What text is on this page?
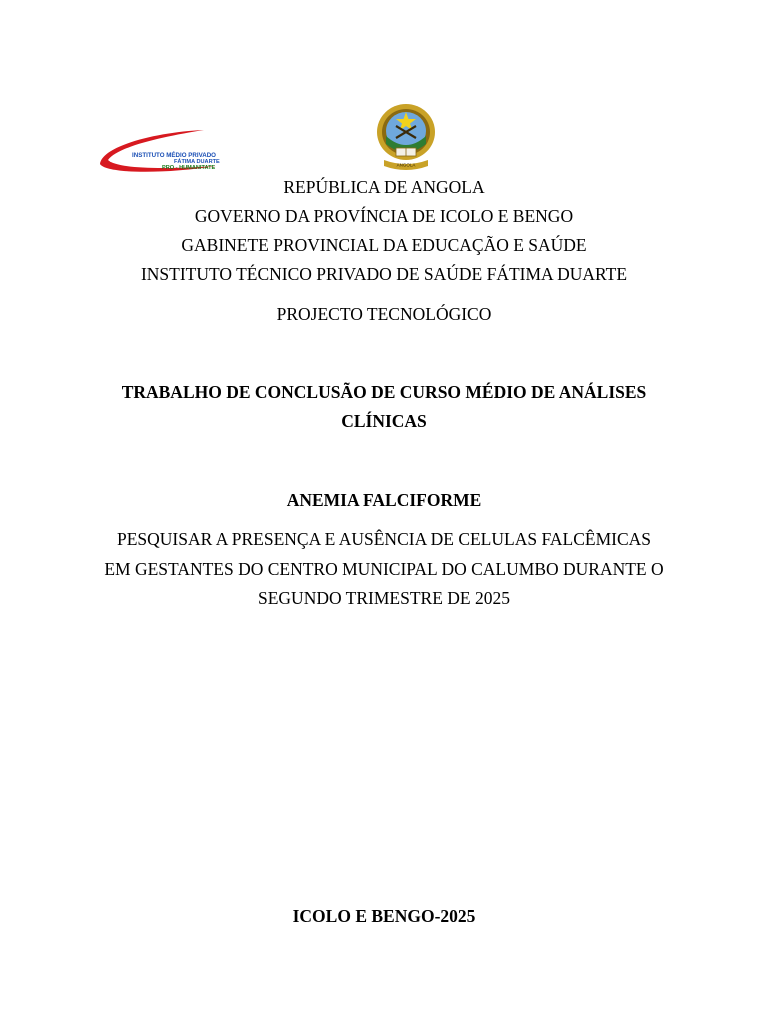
INSTITUTO MÉDIO PRIVADO
FÁTIMA DUARTE
PRO - HUMANITATE	ANGOLA
REPÚBLICA DE ANGOLA
GOVERNO DA PROVÍNCIA DE ICOLO E BENGO
GABINETE PROVINCIAL DA EDUCAÇÃO E SAÚDE
INSTITUTO TÉCNICO PRIVADO DE SAÚDE FÁTIMA DUARTE
PROJECTO TECNOLÓGICO
TRABALHO DE CONCLUSÃO DE CURSO MÉDIO DE ANÁLISES
CLÍNICAS
ANEMIA FALCIFORME
PESQUISAR A PRESENÇA E AUSÊNCIA DE CELULAS FALCÊMICAS
EM GESTANTES DO CENTRO MUNICIPAL DO CALUMBO DURANTE O
SEGUNDO TRIMESTRE DE 2025
ICOLO E BENGO-2025
